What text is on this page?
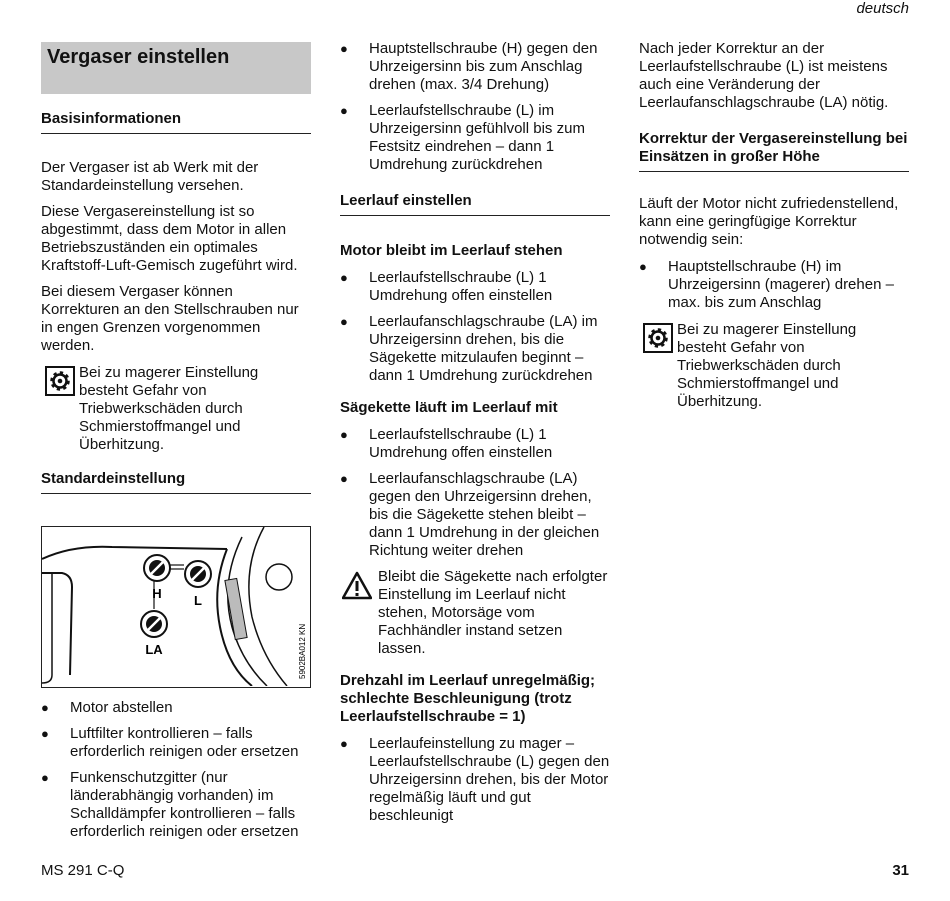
deutsch
Vergaser einstellen
Basisinformationen

Der Vergaser ist ab Werk mit der Standardeinstellung versehen.

Diese Vergasereinstellung ist so abgestimmt, dass dem Motor in allen Betriebszuständen ein optimales Kraftstoff-Luft-Gemisch zugeführt wird.

Bei diesem Vergaser können Korrekturen an den Stellschrauben nur in engen Grenzen vorgenommen werden.

Bei zu magerer Einstellung besteht Gefahr von Triebwerkschäden durch Schmierstoffmangel und Überhitzung.

Standardeinstellung
H L
LA	5902BA012 KN

● Motor abstellen

● Luftfilter kontrollieren – falls erforderlich reinigen oder ersetzen

● Funkenschutzgitter (nur länderabhängig vorhanden) im Schalldämpfer kontrollieren – falls erforderlich reinigen oder ersetzen

● Hauptstellschraube (H) gegen den Uhrzeigersinn bis zum Anschlag drehen (max. 3/4 Drehung)

● Leerlaufstellschraube (L) im Uhrzeigersinn gefühlvoll bis zum Festsitz eindrehen – dann 1 Umdrehung zurückdrehen

Leerlauf einstellen

Motor bleibt im Leerlauf stehen

● Leerlaufstellschraube (L) 1 Umdrehung offen einstellen

● Leerlaufanschlagschraube (LA) im Uhrzeigersinn drehen, bis die Sägekette mitzulaufen beginnt – dann 1 Umdrehung zurückdrehen

Sägekette läuft im Leerlauf mit

● Leerlaufstellschraube (L) 1 Umdrehung offen einstellen

● Leerlaufanschlagschraube (LA) gegen den Uhrzeigersinn drehen, bis die Sägekette stehen bleibt – dann 1 Umdrehung in der gleichen Richtung weiter drehen

Bleibt die Sägekette nach erfolgter Einstellung im Leerlauf nicht stehen, Motorsäge vom Fachhändler instand setzen lassen.

Drehzahl im Leerlauf unregelmäßig; schlechte Beschleunigung (trotz Leerlaufstellschraube = 1)

● Leerlaufeinstellung zu mager – Leerlaufstellschraube (L) gegen den Uhrzeigersinn drehen, bis der Motor regelmäßig läuft und gut beschleunigt

Nach jeder Korrektur an der Leerlaufstellschraube (L) ist meistens auch eine Veränderung der Leerlaufanschlagschraube (LA) nötig.

Korrektur der Vergasereinstellung bei Einsätzen in großer Höhe

Läuft der Motor nicht zufriedenstellend, kann eine geringfügige Korrektur notwendig sein:

● Hauptstellschraube (H) im Uhrzeigersinn (magerer) drehen – max. bis zum Anschlag

Bei zu magerer Einstellung besteht Gefahr von Triebwerkschäden durch Schmierstoffmangel und Überhitzung.

MS 291 C-Q	31
